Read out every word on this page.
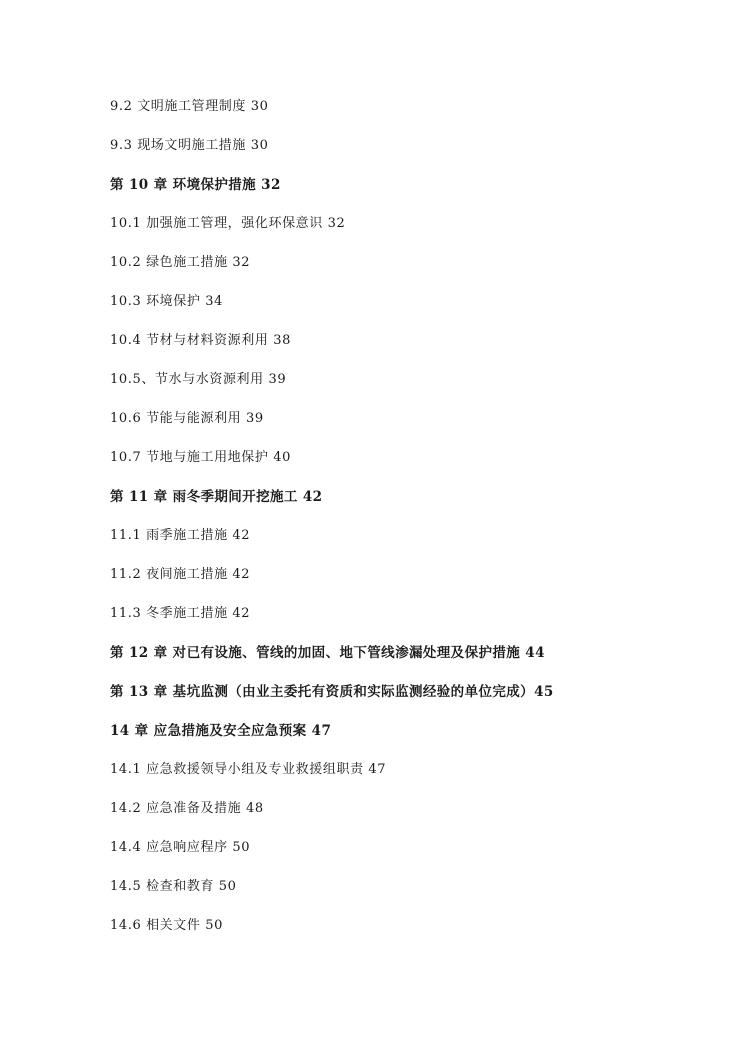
9.2 文明施工管理制度 30
9.3 现场文明施工措施 30
第 10 章 环境保护措施 32
10.1 加强施工管理，强化环保意识 32
10.2 绿色施工措施 32
10.3 环境保护 34
10.4 节材与材料资源利用 38
10.5、节水与水资源利用 39
10.6 节能与能源利用 39
10.7 节地与施工用地保护 40
第 11 章 雨冬季期间开挖施工 42
11.1 雨季施工措施 42
11.2 夜间施工措施 42
11.3 冬季施工措施 42
第 12 章 对已有设施、管线的加固、地下管线渗漏处理及保护措施 44
第 13 章 基坑监测（由业主委托有资质和实际监测经验的单位完成）45
14 章 应急措施及安全应急预案 47
14.1 应急救援领导小组及专业救援组职责 47
14.2 应急准备及措施 48
14.4 应急响应程序 50
14.5 检查和教育 50
14.6 相关文件 50
